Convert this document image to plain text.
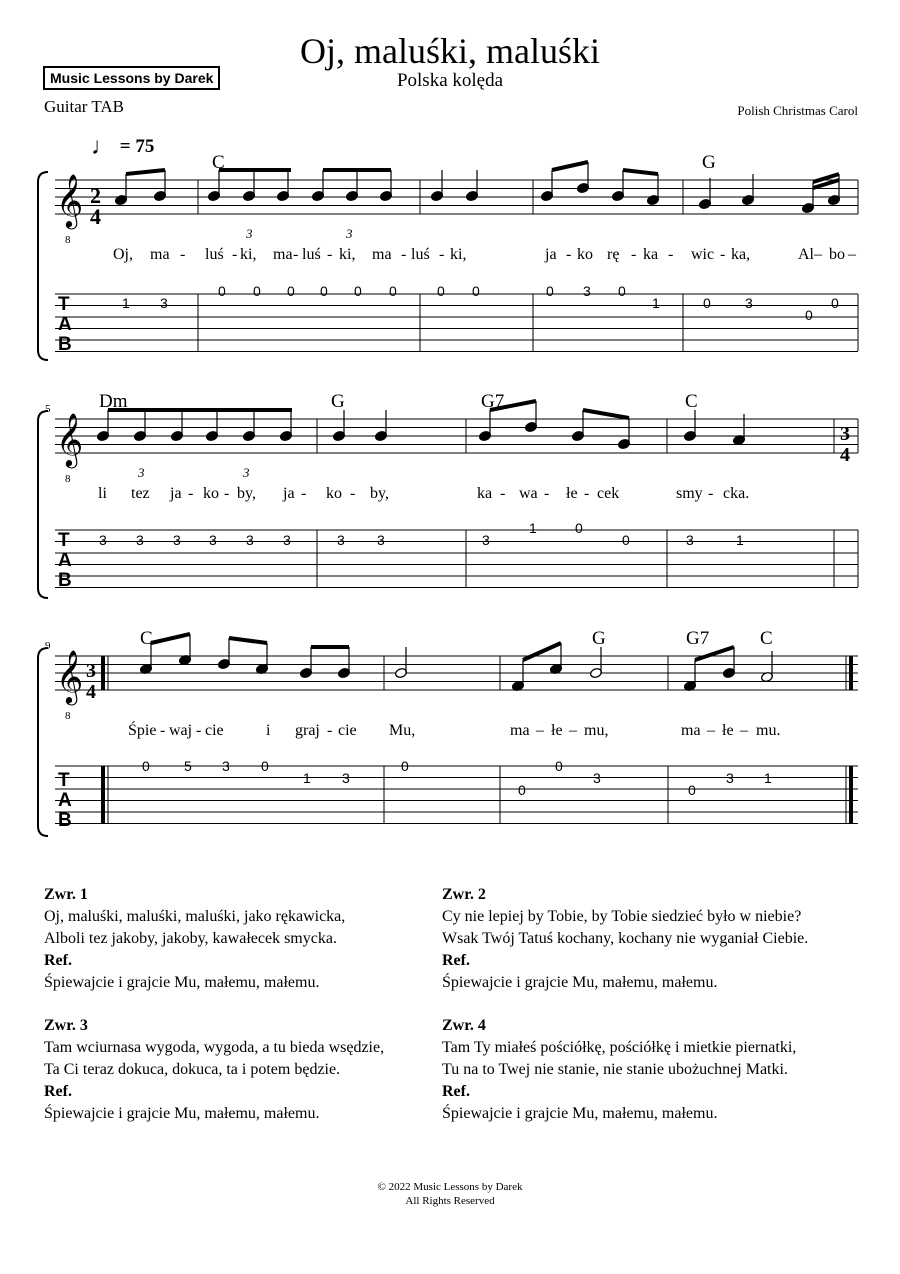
Oj, maluśki, maluśki
Polska kolęda
Music Lessons by Darek
Guitar TAB	Polish Christmas Carol
♩ = 75
𝄞
8
𝄞
8
𝄞
8
C	G
2
4
3	3
Oj, ma - luś - ki, ma - luś - ki, ma - luś - ki,	ja - ko rę - ka - wic - ka,	Al – bo –
1 3
0 0 0 0 0 0	0 0	0 3 0
1	0 3
0
0
T
A
B
5	Dm	G	G7	C
3
4
3	3
li tez ja - ko - by, ja - ko - by,	ka - wa - łe - cek	smy - cka.
3 3 3 3 3 3	3 3	3
1	0
0	3	1
T
A
B
9	C	G	G7	C
3
4
Śpie - waj - cie	i graj - cie Mu,	ma – łe – mu,	ma – łe – mu.
0 5 3 0
1 3
0
0
0
3
0
3 1
T
A
B
Zwr. 1
Oj, maluśki, maluśki, maluśki, jako rękawicka,
Alboli tez jakoby, jakoby, kawałecek smycka.
Ref.
Śpiewajcie i grajcie Mu, małemu, małemu.
Zwr. 2
Cy nie lepiej by Tobie, by Tobie siedzieć było w niebie?
Wsak Twój Tatuś kochany, kochany nie wyganiał Ciebie.
Ref.
Śpiewajcie i grajcie Mu, małemu, małemu.
Zwr. 3
Tam wciurnasa wygoda, wygoda, a tu bieda wsędzie,
Ta Ci teraz dokuca, dokuca, ta i potem będzie.
Ref.
Śpiewajcie i grajcie Mu, małemu, małemu.
Zwr. 4
Tam Ty miałeś pościółkę, pościółkę i mietkie piernatki,
Tu na to Twej nie stanie, nie stanie ubożuchnej Matki.
Ref.
Śpiewajcie i grajcie Mu, małemu, małemu.
© 2022 Music Lessons by Darek
All Rights Reserved
